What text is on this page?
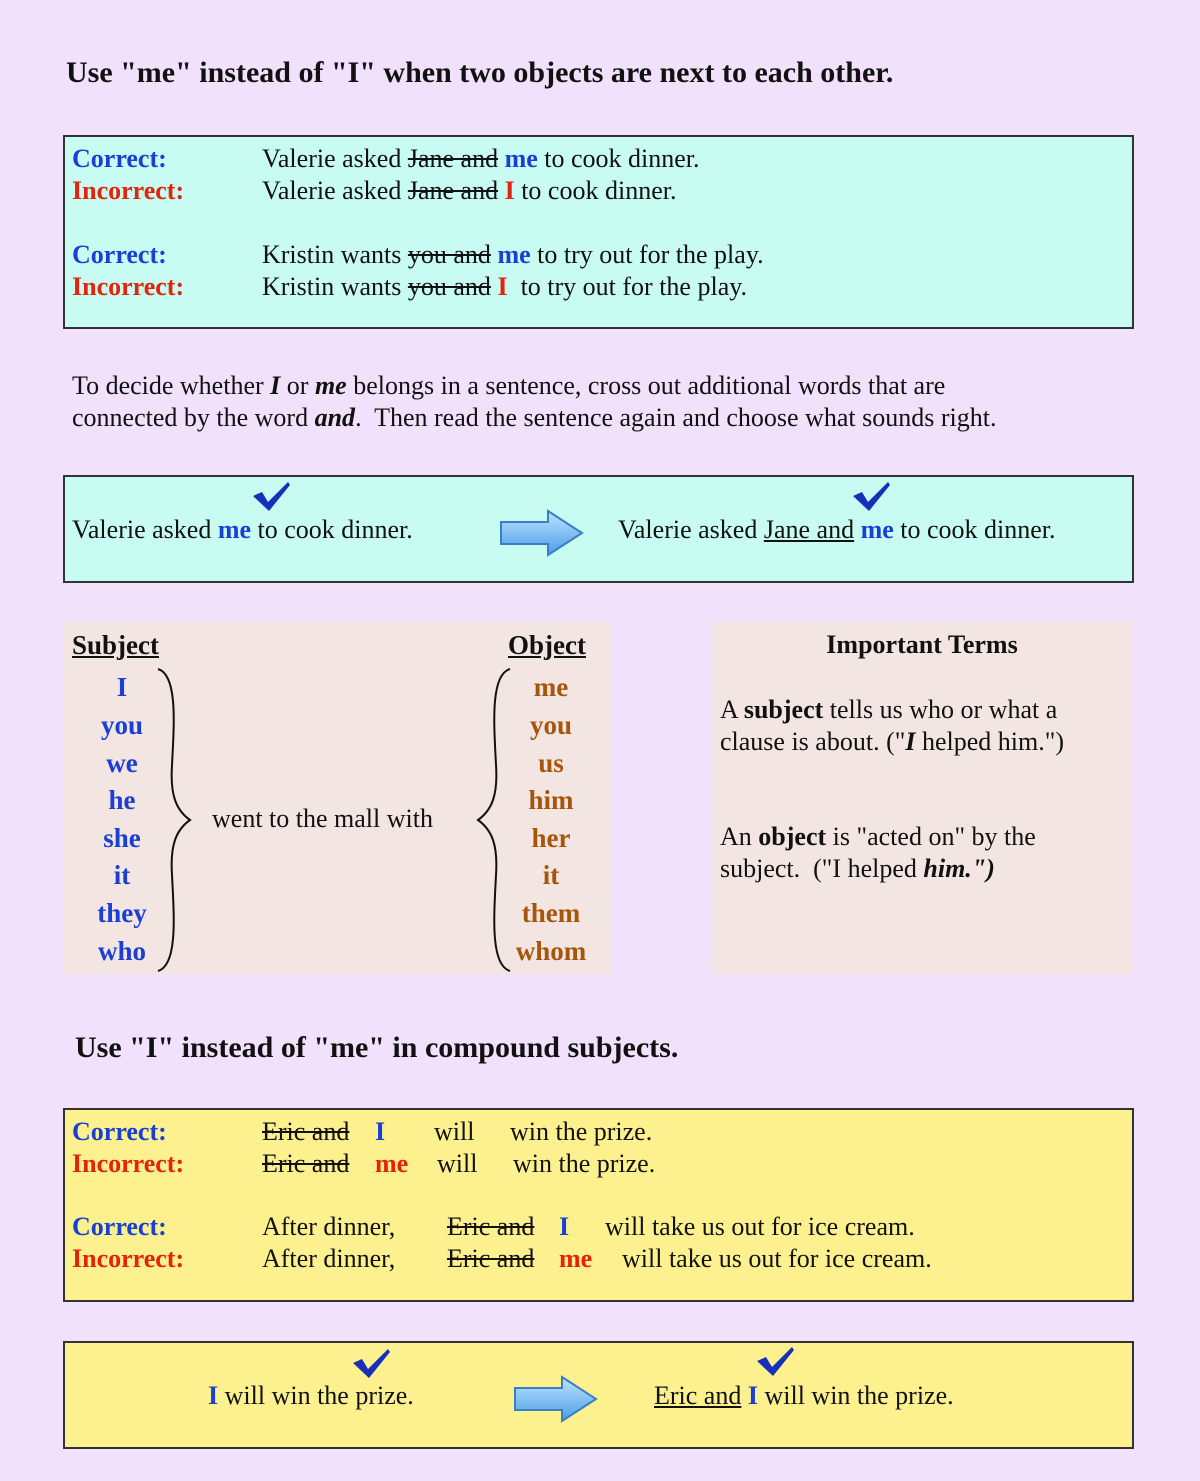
Use "me" instead of "I" when two objects are next to each other.
Correct:	Valerie asked Jane and me to cook dinner.
Incorrect:	Valerie asked Jane and I to cook dinner.
Correct:	Kristin wants you and me to try out for the play.
Incorrect:	Kristin wants you and I  to try out for the play.
To decide whether I or me belongs in a sentence, cross out additional words that are
connected by the word and.  Then read the sentence again and choose what sounds right.
Valerie asked me to cook dinner.	Valerie asked Jane and me to cook dinner.
Subject	Object
I
you
we
he
she
it
they
who
me
you
us
him
her
it
them
whom
went to the mall with
Important Terms
A subject tells us who or what a
clause is about. ("I helped him.")
An object is "acted on" by the
subject.  ("I helped him.")
Use "I" instead of "me" in compound subjects.
Correct:	Eric and I will win the prize.
Incorrect:	Eric and me will win the prize.
Correct:	After dinner, Eric and I will take us out for ice cream.
Incorrect:	After dinner, Eric and me will take us out for ice cream.
I will win the prize.	Eric and I will win the prize.
